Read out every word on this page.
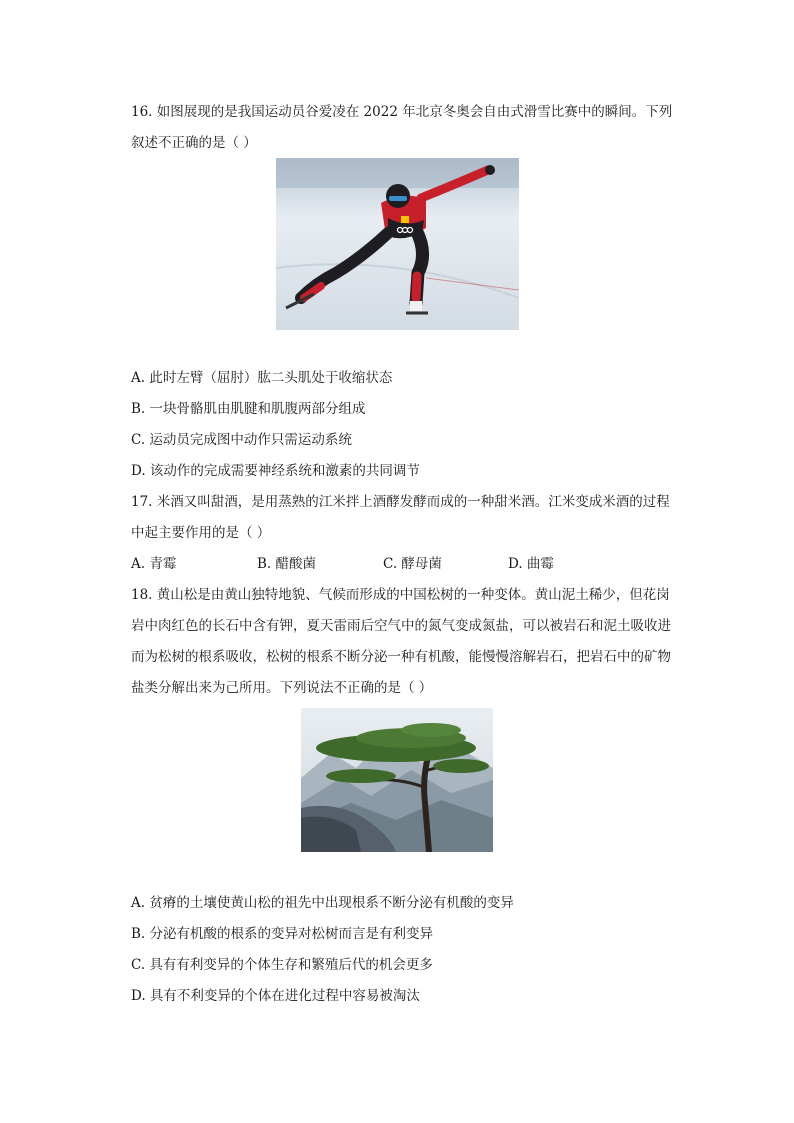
16. 如图展现的是我国运动员谷爱凌在 2022 年北京冬奥会自由式滑雪比赛中的瞬间。下列
叙述不正确的是（ ）
A. 此时左臂（屈肘）肱二头肌处于收缩状态
B. 一块骨骼肌由肌腱和肌腹两部分组成
C. 运动员完成图中动作只需运动系统
D. 该动作的完成需要神经系统和激素的共同调节
17. 米酒又叫甜酒，是用蒸熟的江米拌上酒酵发酵而成的一种甜米酒。江米变成米酒的过程
中起主要作用的是（ ）
A. 青霉	B. 醋酸菌	C. 酵母菌	D. 曲霉
18. 黄山松是由黄山独特地貌、气候而形成的中国松树的一种变体。黄山泥土稀少，但花岗
岩中肉红色的长石中含有钾，夏天雷雨后空气中的氮气变成氮盐，可以被岩石和泥土吸收进
而为松树的根系吸收，松树的根系不断分泌一种有机酸，能慢慢溶解岩石，把岩石中的矿物
盐类分解出来为己所用。下列说法不正确的是（ ）
A. 贫瘠的土壤使黄山松的祖先中出现根系不断分泌有机酸的变异
B. 分泌有机酸的根系的变异对松树而言是有利变异
C. 具有有利变异的个体生存和繁殖后代的机会更多
D. 具有不利变异的个体在进化过程中容易被淘汰
